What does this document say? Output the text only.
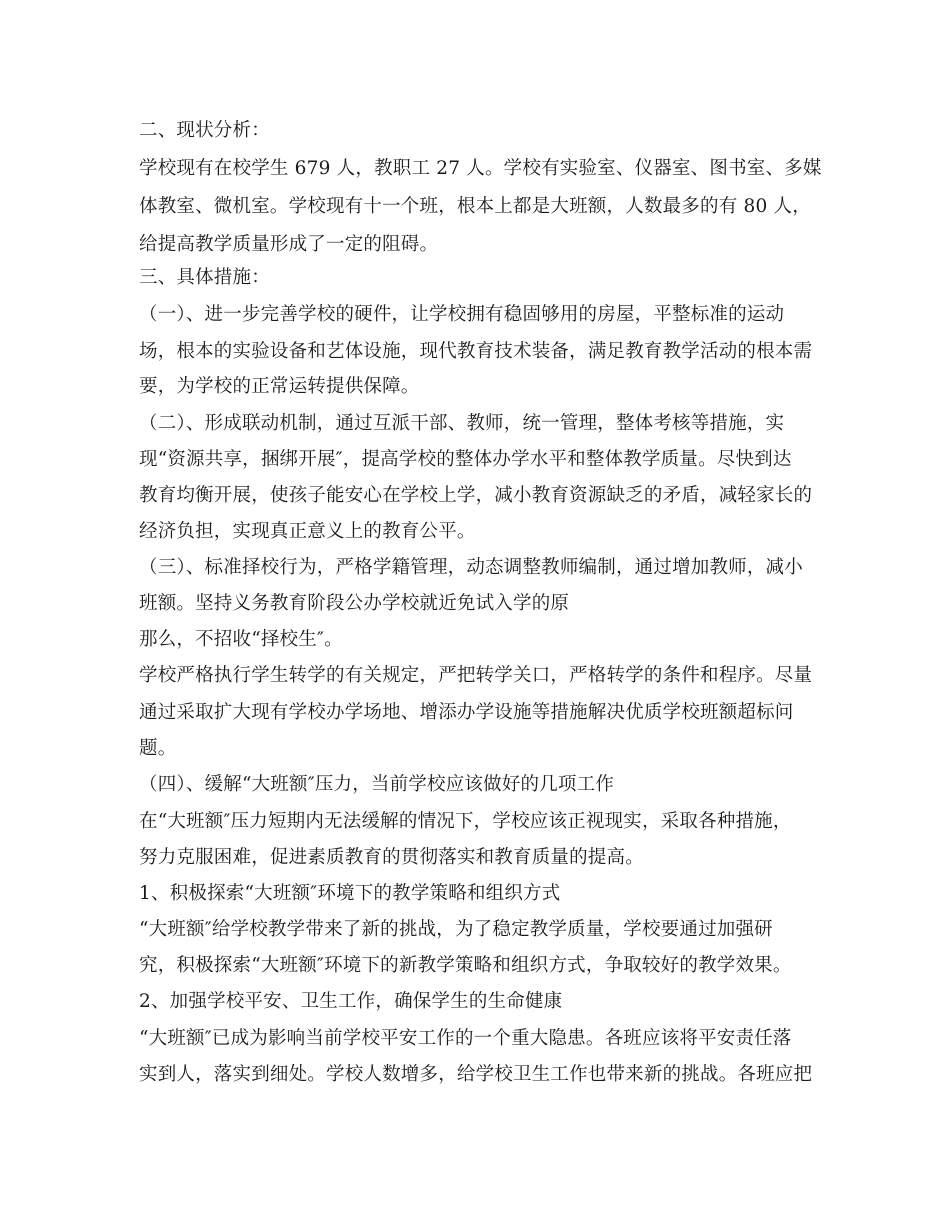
二、现状分析：

学校现有在校学生 679 人，教职工 27 人。学校有实验室、仪器室、图书室、多媒

体教室、微机室。学校现有十一个班，根本上都是大班额，人数最多的有 80 人，

给提高教学质量形成了一定的阻碍。

三、具体措施：

（一）、进一步完善学校的硬件，让学校拥有稳固够用的房屋，平整标准的运动

场，根本的实验设备和艺体设施，现代教育技术装备，满足教育教学活动的根本需

要，为学校的正常运转提供保障。

（二）、形成联动机制，通过互派干部、教师，统一管理，整体考核等措施，实

现“资源共享，捆绑开展″，提高学校的整体办学水平和整体教学质量。尽快到达

教育均衡开展，使孩子能安心在学校上学，减小教育资源缺乏的矛盾，减轻家长的

经济负担，实现真正意义上的教育公平。

（三）、标准择校行为，严格学籍管理，动态调整教师编制，通过增加教师，减小

班额。坚持义务教育阶段公办学校就近免试入学的原

那么，不招收“择校生″。

学校严格执行学生转学的有关规定，严把转学关口，严格转学的条件和程序。尽量

通过采取扩大现有学校办学场地、增添办学设施等措施解决优质学校班额超标问

题。

（四）、缓解“大班额″压力，当前学校应该做好的几项工作

在“大班额″压力短期内无法缓解的情况下，学校应该正视现实，采取各种措施，

努力克服困难，促进素质教育的贯彻落实和教育质量的提高。

1、积极探索“大班额″环境下的教学策略和组织方式

“大班额″给学校教学带来了新的挑战，为了稳定教学质量，学校要通过加强研

究，积极探索“大班额″环境下的新教学策略和组织方式，争取较好的教学效果。

2、加强学校平安、卫生工作，确保学生的生命健康

“大班额″已成为影响当前学校平安工作的一个重大隐患。各班应该将平安责任落

实到人，落实到细处。学校人数增多，给学校卫生工作也带来新的挑战。各班应把
